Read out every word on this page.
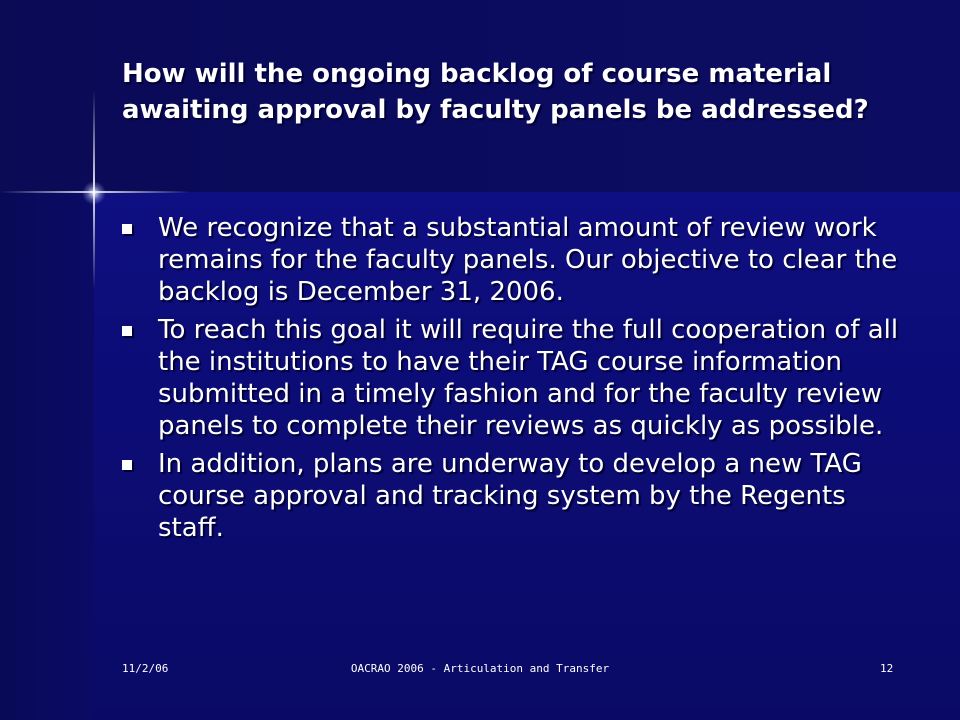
How will the ongoing backlog of course material awaiting approval by faculty panels be addressed?
We recognize that a substantial amount of review work remains for the faculty panels. Our objective to clear the backlog is December 31, 2006.
To reach this goal it will require the full cooperation of all the institutions to have their TAG course information submitted in a timely fashion and for the faculty review panels to complete their reviews as quickly as possible.
In addition, plans are underway to develop a new TAG course approval and tracking system by the Regents staff.
11/2/06	OACRAO 2006 - Articulation and Transfer	12
